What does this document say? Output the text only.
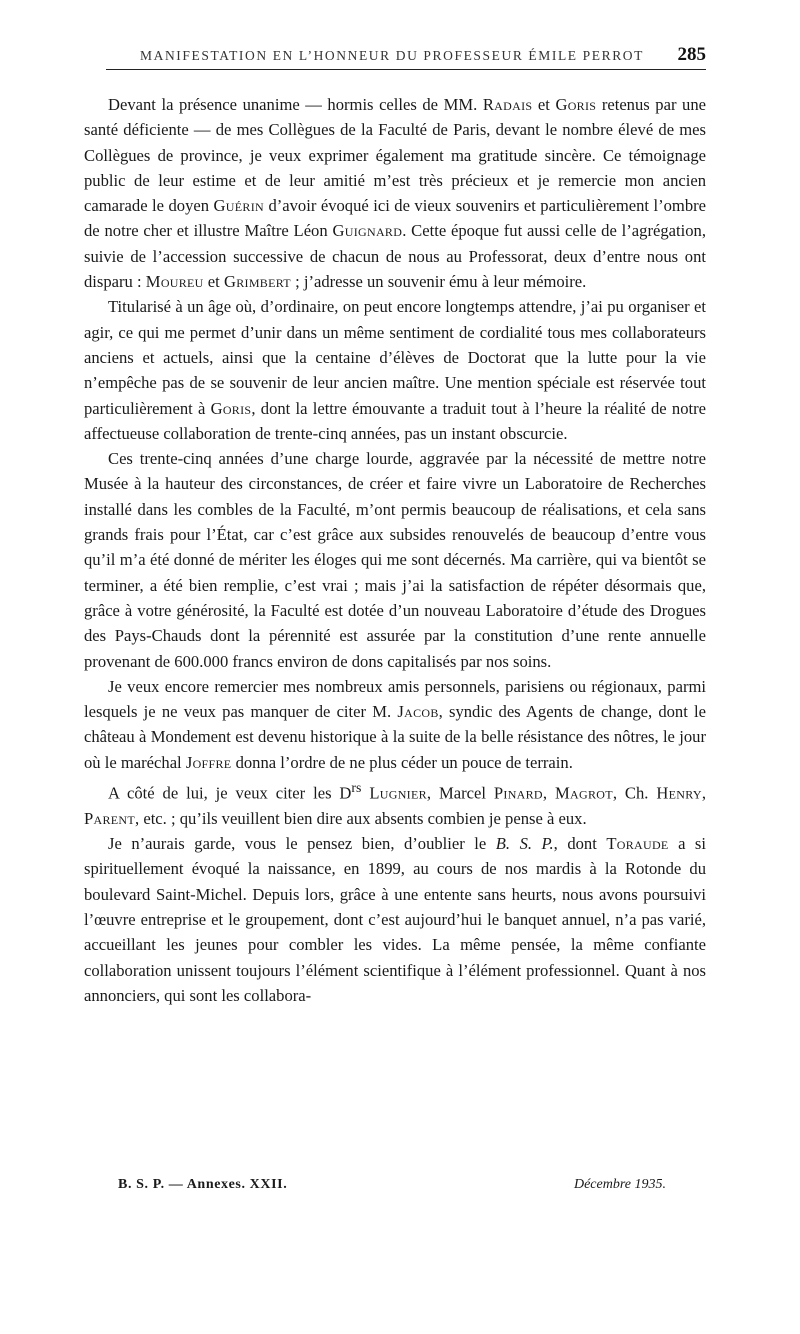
MANIFESTATION EN L’HONNEUR DU PROFESSEUR ÉMILE PERROT 285

Devant la présence unanime — hormis celles de MM. Radais et Goris retenus par une santé déficiente — de mes Collègues de la Faculté de Paris, devant le nombre élevé de mes Collègues de province, je veux exprimer également ma gratitude sincère. Ce témoignage public de leur estime et de leur amitié m’est très précieux et je remercie mon ancien camarade le doyen Guérin d’avoir évoqué ici de vieux souvenirs et particulièrement l’ombre de notre cher et illustre Maître Léon Guignard. Cette époque fut aussi celle de l’agrégation, suivie de l’accession successive de chacun de nous au Professorat, deux d’entre nous ont disparu : Moureu et Grimbert ; j’adresse un souvenir ému à leur mémoire.

Titularisé à un âge où, d’ordinaire, on peut encore longtemps attendre, j’ai pu organiser et agir, ce qui me permet d’unir dans un même sentiment de cordialité tous mes collaborateurs anciens et actuels, ainsi que la centaine d’élèves de Doctorat que la lutte pour la vie n’empêche pas de se souvenir de leur ancien maître. Une mention spéciale est réservée tout particulièrement à Goris, dont la lettre émouvante a traduit tout à l’heure la réalité de notre affectueuse collaboration de trente-cinq années, pas un instant obscurcie.

Ces trente-cinq années d’une charge lourde, aggravée par la nécessité de mettre notre Musée à la hauteur des circonstances, de créer et faire vivre un Laboratoire de Recherches installé dans les combles de la Faculté, m’ont permis beaucoup de réalisations, et cela sans grands frais pour l’État, car c’est grâce aux subsides renouvelés de beaucoup d’entre vous qu’il m’a été donné de mériter les éloges qui me sont décernés. Ma carrière, qui va bientôt se terminer, a été bien remplie, c’est vrai ; mais j’ai la satisfaction de répéter désormais que, grâce à votre générosité, la Faculté est dotée d’un nouveau Laboratoire d’étude des Drogues des Pays-Chauds dont la pérennité est assurée par la constitution d’une rente annuelle provenant de 600.000 francs environ de dons capitalisés par nos soins.

Je veux encore remercier mes nombreux amis personnels, parisiens ou régionaux, parmi lesquels je ne veux pas manquer de citer M. Jacob, syndic des Agents de change, dont le château à Mondement est devenu historique à la suite de la belle résistance des nôtres, le jour où le maréchal Joffre donna l’ordre de ne plus céder un pouce de terrain.

A côté de lui, je veux citer les $D^{rs}$ Lugnier, Marcel Pinard, Magrot, Ch. Henry, Parent, etc. ; qu’ils veuillent bien dire aux absents combien je pense à eux.

Je n’aurais garde, vous le pensez bien, d’oublier le B. S. P., dont Toraude a si spirituellement évoqué la naissance, en 1899, au cours de nos mardis à la Rotonde du boulevard Saint-Michel. Depuis lors, grâce à une entente sans heurts, nous avons poursuivi l’œuvre entreprise et le groupement, dont c’est aujourd’hui le banquet annuel, n’a pas varié, accueillant les jeunes pour combler les vides. La même pensée, la même confiante collaboration unissent toujours l’élément scientifique à l’élément professionnel. Quant à nos annonciers, qui sont les collabora-

B. S. P. — Annexes. XXII.	Décembre 1935.
